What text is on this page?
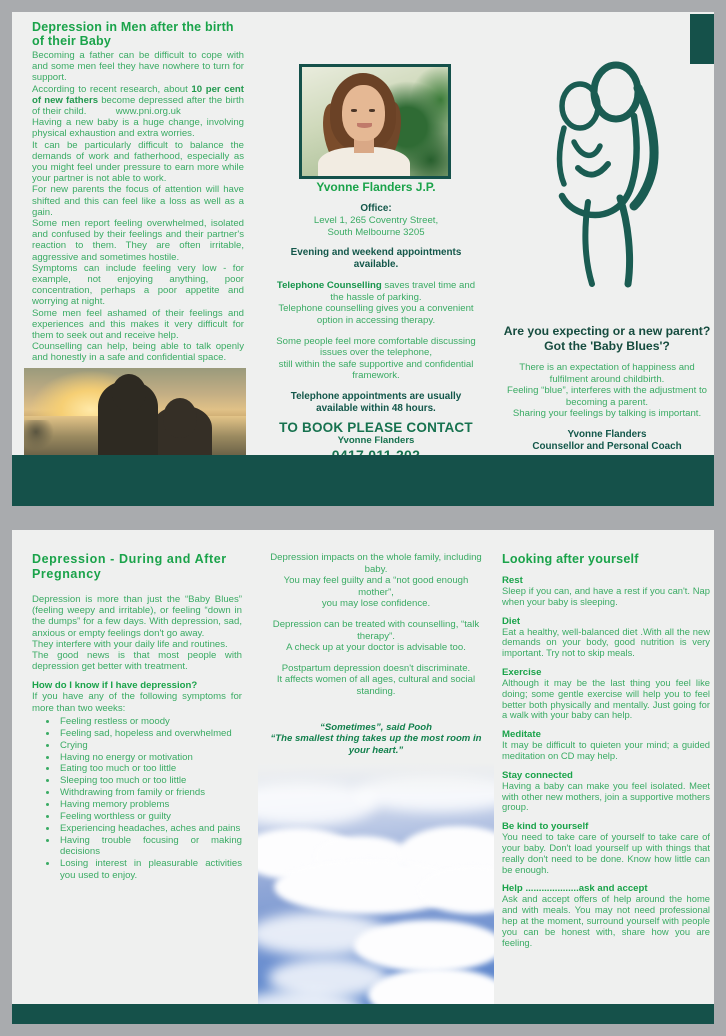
Depression in Men after the birth of their Baby

Becoming a father can be difficult to cope with and some men feel they have nowhere to turn for support.

According to recent research, about 10 per cent of new fathers become depressed after the birth of their child.           www.pni.org.uk

Having a new baby is a huge change, involving physical exhaustion and extra worries.

It can be particularly difficult to balance the demands of work and fatherhood, especially as you might feel under pressure to earn more while your partner is not able to work.

For new parents the focus of attention will have shifted and this can feel like a loss as well as a gain.

Some men report feeling overwhelmed, isolated and confused by their feelings and their partner's reaction to them. They are often irritable, aggressive and sometimes hostile.

Symptoms can include feeling very low - for example, not enjoying anything, poor concentration, perhaps a poor appetite and worrying at night.

Some men feel ashamed of their feelings and experiences and this makes it very difficult for them to seek out and receive help.

Counselling can help, being able to talk openly and honestly in a safe and confidential space.

Yvonne Flanders J.P.

Office:

Level 1, 265 Coventry Street,

South Melbourne 3205

Evening and weekend appointments available.

Telephone Counselling saves travel time and the hassle of parking.

Telephone counselling gives you a convenient option in accessing therapy.

Some people feel more comfortable discussing issues over the telephone,

still within the safe supportive and confidential framework.

Telephone appointments are usually available within 48 hours.

TO BOOK PLEASE CONTACT

Yvonne Flanders

Are you expecting or a new parent?

Got the 'Baby Blues'?

There is an expectation of happiness and fulfilment around childbirth.

Feeling “blue”, interferes with the adjustment to becoming a parent.

Sharing your feelings by talking is important.

Yvonne Flanders

Counsellor and Personal Coach

Depression - During and After Pregnancy

Depression is more than just the “Baby Blues” (feeling weepy and irritable), or feeling “down in the dumps” for a few days. With depression, sad, anxious or empty feelings don't go away.

They interfere with your daily life and routines.

The good news is that most people with depression get better with treatment.

How do I know if I have depression?

If you have any of the following symptoms for more than two weeks:

• Feeling restless or moody
• Feeling sad, hopeless and overwhelmed
• Crying
• Having no energy or motivation
• Eating too much or too little
• Sleeping too much or too little
• Withdrawing from family or friends
• Having memory problems
• Feeling worthless or guilty
• Experiencing headaches, aches and pains
• Having trouble focusing or making decisions
• Losing interest in pleasurable activities you used to enjoy.

Depression impacts on the whole family, including baby.

You may feel guilty and a “not good enough mother”,

you may lose confidence.

Depression can be treated with counselling, “talk therapy”.

A check up at your doctor is advisable too.

Postpartum depression doesn't discriminate.

It affects women of all ages, cultural and social standing.

“Sometimes”, said Pooh

“The smallest thing takes up the most room in your heart.”

Looking after yourself

Rest

Sleep if you can, and have a rest if you can't. Nap when your baby is sleeping.

Diet

Eat a healthy, well-balanced diet .With all the new demands on your body, good nutrition is very important. Try not to skip meals.

Exercise

Although it may be the last thing you feel like doing; some gentle exercise will help you to feel better both physically and mentally. Just going for a walk with your baby can help.

Meditate

It may be difficult to quieten your mind; a guided meditation on CD may help.

Stay connected

Having a baby can make you feel isolated. Meet with other new mothers, join a supportive mothers group.

Be kind to yourself

You need to take care of yourself to take care of your baby. Don't load yourself up with things that really don't need to be done. Know how little can be enough.

Help ....................ask and accept

Ask and accept offers of help around the home and with meals. You may not need professional hep at the moment, surround yourself with people you can be honest with, share how you are feeling.
